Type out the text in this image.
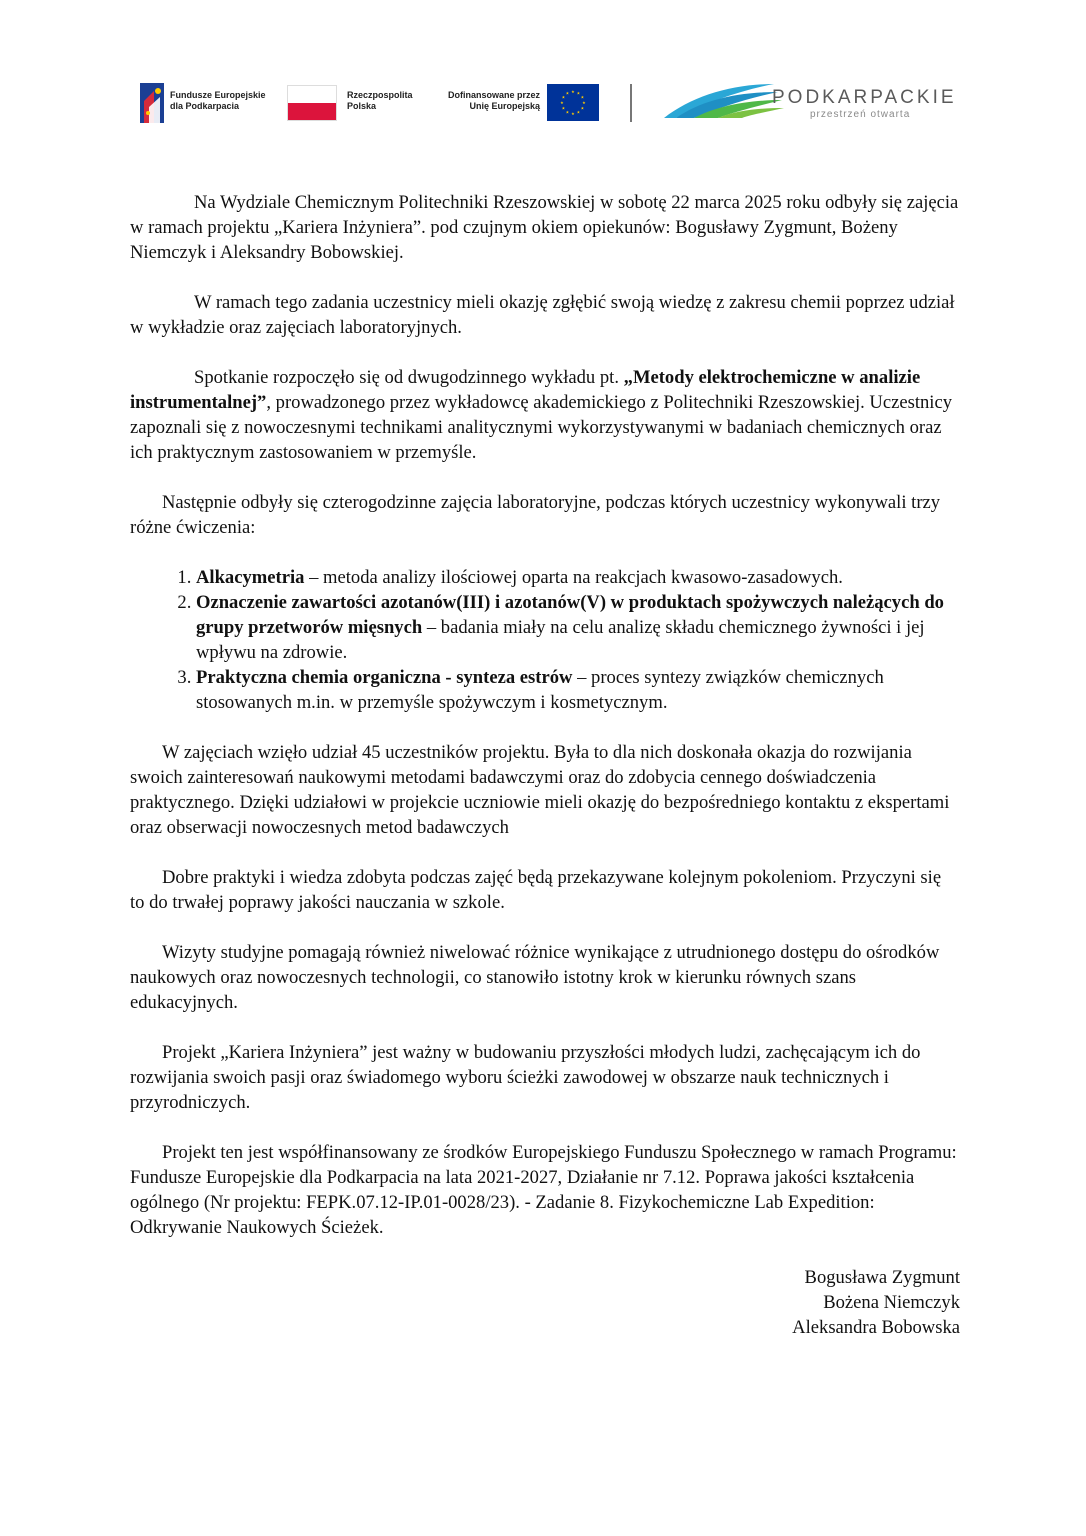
Fundusze Europejskie
dla Podkarpacia
Rzeczpospolita
Polska
Dofinansowane przez
Unię Europejską
★ ★
★
★
★
★
★
★
★
★
★
★	PODKARPACKIE
przestrzeń otwarta

Na Wydziale Chemicznym Politechniki Rzeszowskiej w sobotę 22 marca 2025 roku odbyły się zajęcia w ramach projektu „Kariera Inżyniera”. pod czujnym okiem opiekunów: Bogusławy Zygmunt, Bożeny Niemczyk i Aleksandry Bobowskiej.

W ramach tego zadania uczestnicy mieli okazję zgłębić swoją wiedzę z zakresu chemii poprzez udział w wykładzie oraz zajęciach laboratoryjnych.

Spotkanie rozpoczęło się od dwugodzinnego wykładu pt. „Metody elektrochemiczne w analizie instrumentalnej”, prowadzonego przez wykładowcę akademickiego z Politechniki Rzeszowskiej. Uczestnicy zapoznali się z nowoczesnymi technikami analitycznymi wykorzystywanymi w badaniach chemicznych oraz ich praktycznym zastosowaniem w przemyśle.

Następnie odbyły się czterogodzinne zajęcia laboratoryjne, podczas których uczestnicy wykonywali trzy różne ćwiczenia:

1. Alkacymetria – metoda analizy ilościowej oparta na reakcjach kwasowo-zasadowych.
2. Oznaczenie zawartości azotanów(III) i azotanów(V) w produktach spożywczych należących do grupy przetworów mięsnych – badania miały na celu analizę składu chemicznego żywności i jej wpływu na zdrowie.
3. Praktyczna chemia organiczna - synteza estrów – proces syntezy związków chemicznych stosowanych m.in. w przemyśle spożywczym i kosmetycznym.

W zajęciach wzięło udział 45 uczestników projektu. Była to dla nich doskonała okazja do rozwijania swoich zainteresowań naukowymi metodami badawczymi oraz do zdobycia cennego doświadczenia praktycznego. Dzięki udziałowi w projekcie uczniowie mieli okazję do bezpośredniego kontaktu z ekspertami oraz obserwacji nowoczesnych metod badawczych

Dobre praktyki i wiedza zdobyta podczas zajęć będą przekazywane kolejnym pokoleniom. Przyczyni się to do trwałej poprawy jakości nauczania w szkole.

Wizyty studyjne pomagają również niwelować różnice wynikające z utrudnionego dostępu do ośrodków naukowych oraz nowoczesnych technologii, co stanowiło istotny krok w kierunku równych szans edukacyjnych.

Projekt „Kariera Inżyniera” jest ważny w budowaniu przyszłości młodych ludzi, zachęcającym ich do rozwijania swoich pasji oraz świadomego wyboru ścieżki zawodowej w obszarze nauk technicznych i przyrodniczych.

Projekt ten jest współfinansowany ze środków Europejskiego Funduszu Społecznego w ramach Programu: Fundusze Europejskie dla Podkarpacia na lata 2021-2027, Działanie nr 7.12. Poprawa jakości kształcenia ogólnego (Nr projektu: FEPK.07.12-IP.01-0028/23). - Zadanie 8. Fizykochemiczne Lab Expedition: Odkrywanie Naukowych Ścieżek.

Bogusława Zygmunt
Bożena Niemczyk
Aleksandra Bobowska
